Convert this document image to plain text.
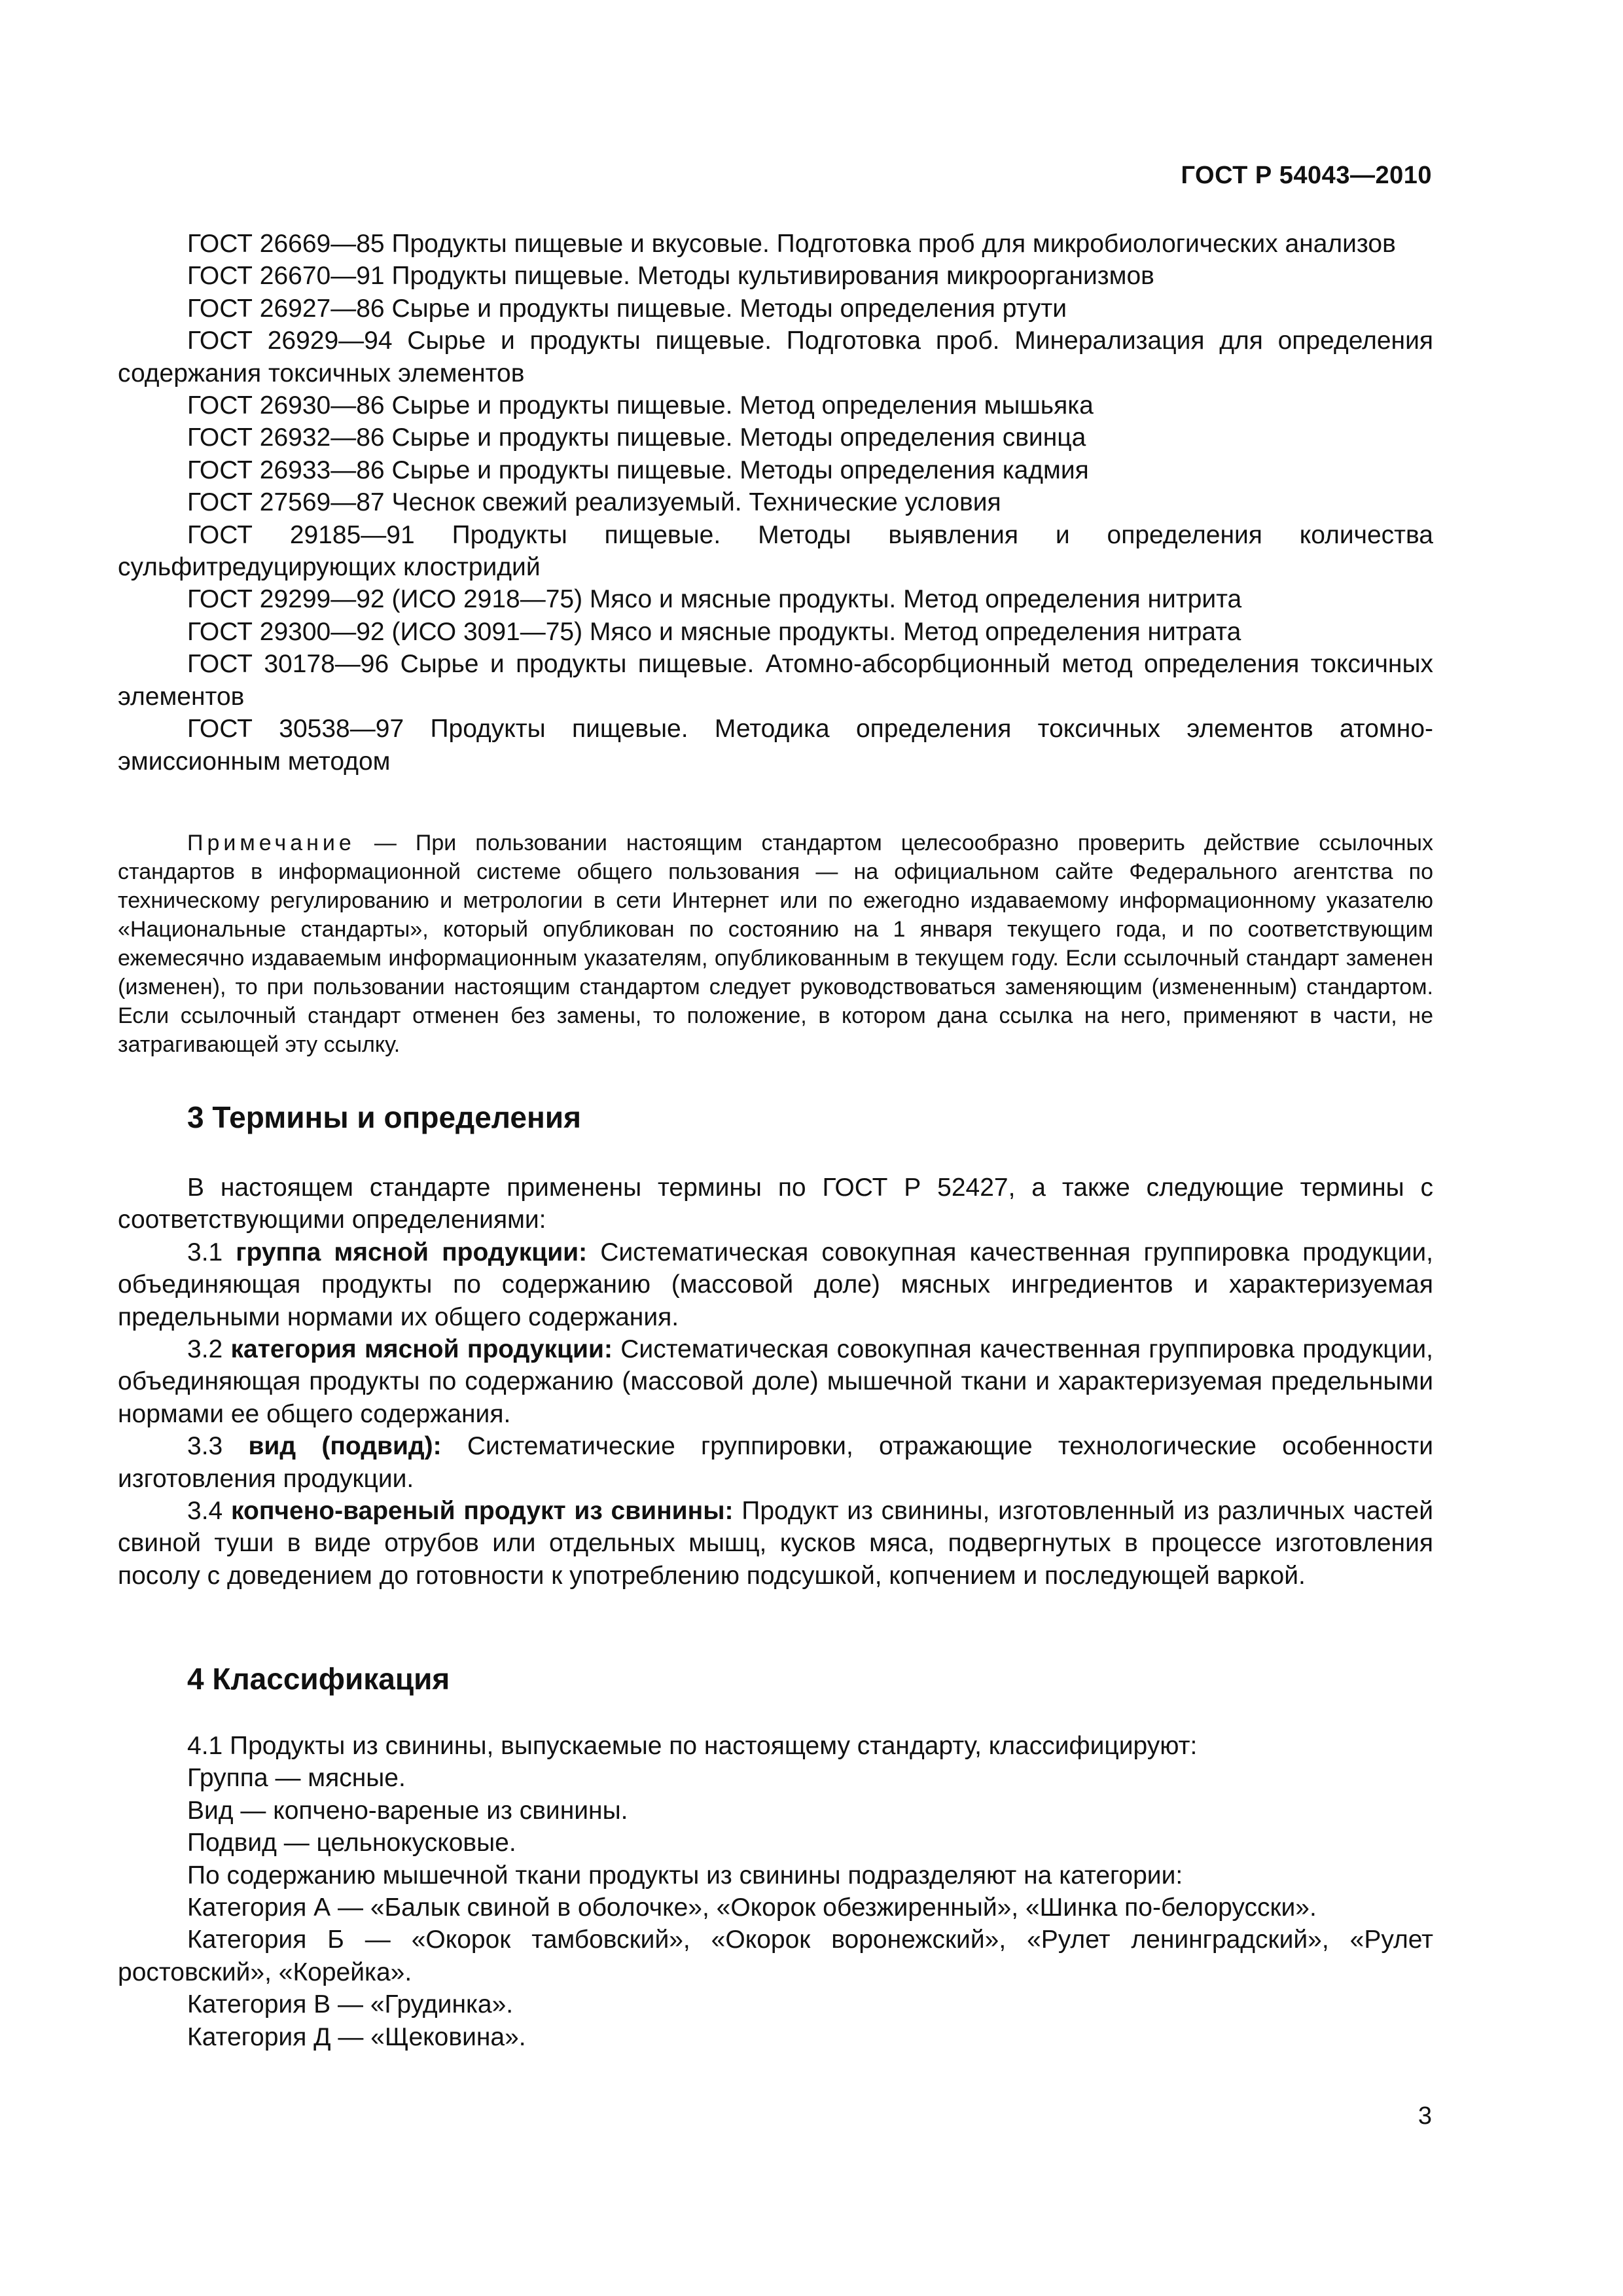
ГОСТ Р 54043—2010

ГОСТ 26669—85 Продукты пищевые и вкусовые. Подготовка проб для микробиологических анализов

ГОСТ 26670—91 Продукты пищевые. Методы культивирования микроорганизмов

ГОСТ 26927—86 Сырье и продукты пищевые. Методы определения ртути

ГОСТ 26929—94 Сырье и продукты пищевые. Подготовка проб. Минерализация для определения содержания токсичных элементов

ГОСТ 26930—86 Сырье и продукты пищевые. Метод определения мышьяка

ГОСТ 26932—86 Сырье и продукты пищевые. Методы определения свинца

ГОСТ 26933—86 Сырье и продукты пищевые. Методы определения кадмия

ГОСТ 27569—87 Чеснок свежий реализуемый. Технические условия

ГОСТ 29185—91 Продукты пищевые. Методы выявления и определения количества сульфитредуцирующих клостридий

ГОСТ 29299—92 (ИСО 2918—75) Мясо и мясные продукты. Метод определения нитрита

ГОСТ 29300—92 (ИСО 3091—75) Мясо и мясные продукты. Метод определения нитрата

ГОСТ 30178—96 Сырье и продукты пищевые. Атомно-абсорбционный метод определения токсичных элементов

ГОСТ 30538—97 Продукты пищевые. Методика определения токсичных элементов атомно-эмиссионным методом

Примечание — При пользовании настоящим стандартом целесообразно проверить действие ссылочных стандартов в информационной системе общего пользования — на официальном сайте Федерального агентства по техническому регулированию и метрологии в сети Интернет или по ежегодно издаваемому информационному указателю «Национальные стандарты», который опубликован по состоянию на 1 января текущего года, и по соответствующим ежемесячно издаваемым информационным указателям, опубликованным в текущем году. Если ссылочный стандарт заменен (изменен), то при пользовании настоящим стандартом следует руководствоваться заменяющим (измененным) стандартом. Если ссылочный стандарт отменен без замены, то положение, в котором дана ссылка на него, применяют в части, не затрагивающей эту ссылку.

3 Термины и определения

В настоящем стандарте применены термины по ГОСТ Р 52427, а также следующие термины с соответствующими определениями:

3.1 группа мясной продукции: Систематическая совокупная качественная группировка продукции, объединяющая продукты по содержанию (массовой доле) мясных ингредиентов и характеризуемая предельными нормами их общего содержания.

3.2 категория мясной продукции: Систематическая совокупная качественная группировка продукции, объединяющая продукты по содержанию (массовой доле) мышечной ткани и характеризуемая предельными нормами ее общего содержания.

3.3 вид (подвид): Систематические группировки, отражающие технологические особенности изготовления продукции.

3.4 копчено-вареный продукт из свинины: Продукт из свинины, изготовленный из различных частей свиной туши в виде отрубов или отдельных мышц, кусков мяса, подвергнутых в процессе изготовления посолу с доведением до готовности к употреблению подсушкой, копчением и последующей варкой.

4 Классификация

4.1 Продукты из свинины, выпускаемые по настоящему стандарту, классифицируют:

Группа — мясные.

Вид — копчено-вареные из свинины.

Подвид — цельнокусковые.

По содержанию мышечной ткани продукты из свинины подразделяют на категории:

Категория А — «Балык свиной в оболочке», «Окорок обезжиренный», «Шинка по-белорусски».

Категория Б — «Окорок тамбовский», «Окорок воронежский», «Рулет ленинградский», «Рулет ростовский», «Корейка».

Категория В — «Грудинка».

Категория Д — «Щековина».

3
